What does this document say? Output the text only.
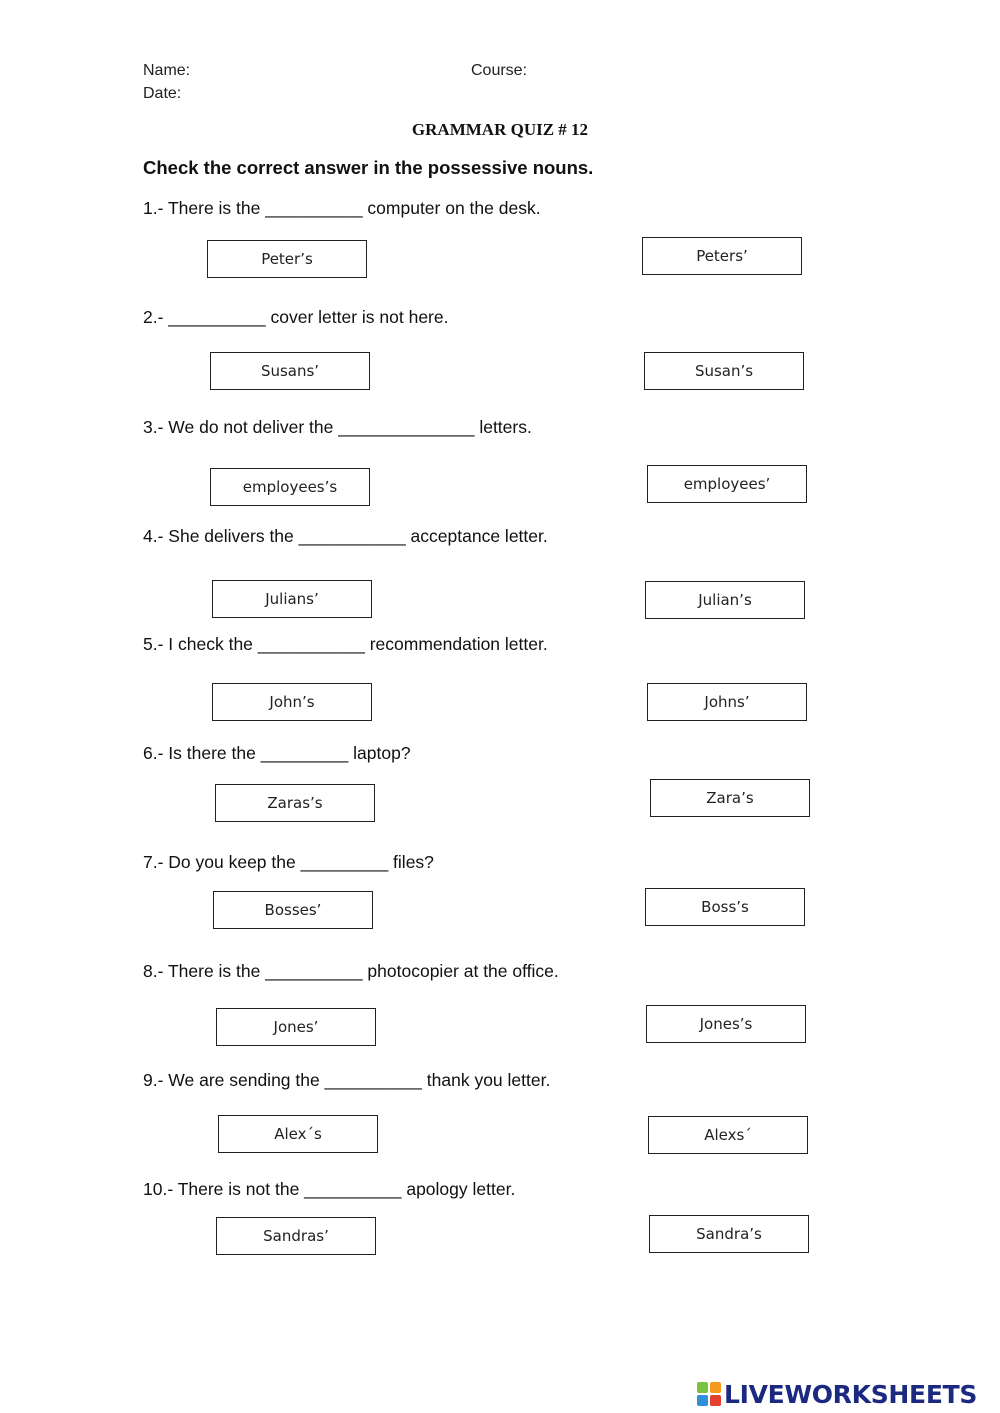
Name:	Course:
Date:
GRAMMAR QUIZ # 12
Check the correct answer in the possessive nouns.
1.- There is the __________ computer on the desk.
Peter’s	Peters’
2.- __________ cover letter is not here.
Susans’	Susan’s
3.- We do not deliver the ______________ letters.
employees’s	employees’
4.- She delivers the ___________ acceptance letter.
Julians’	Julian’s
5.- I check the ___________ recommendation letter.
John’s	Johns’
6.- Is there the _________ laptop?
Zaras’s	Zara’s
7.- Do you keep the _________ files?
Bosses’	Boss’s
8.- There is the __________ photocopier at the office.
Jones’	Jones’s
9.- We are sending the __________ thank you letter.
Alex´s	Alexs´
10.- There is not the __________ apology letter.
Sandras’	Sandra’s
LIVEWORKSHEETS
